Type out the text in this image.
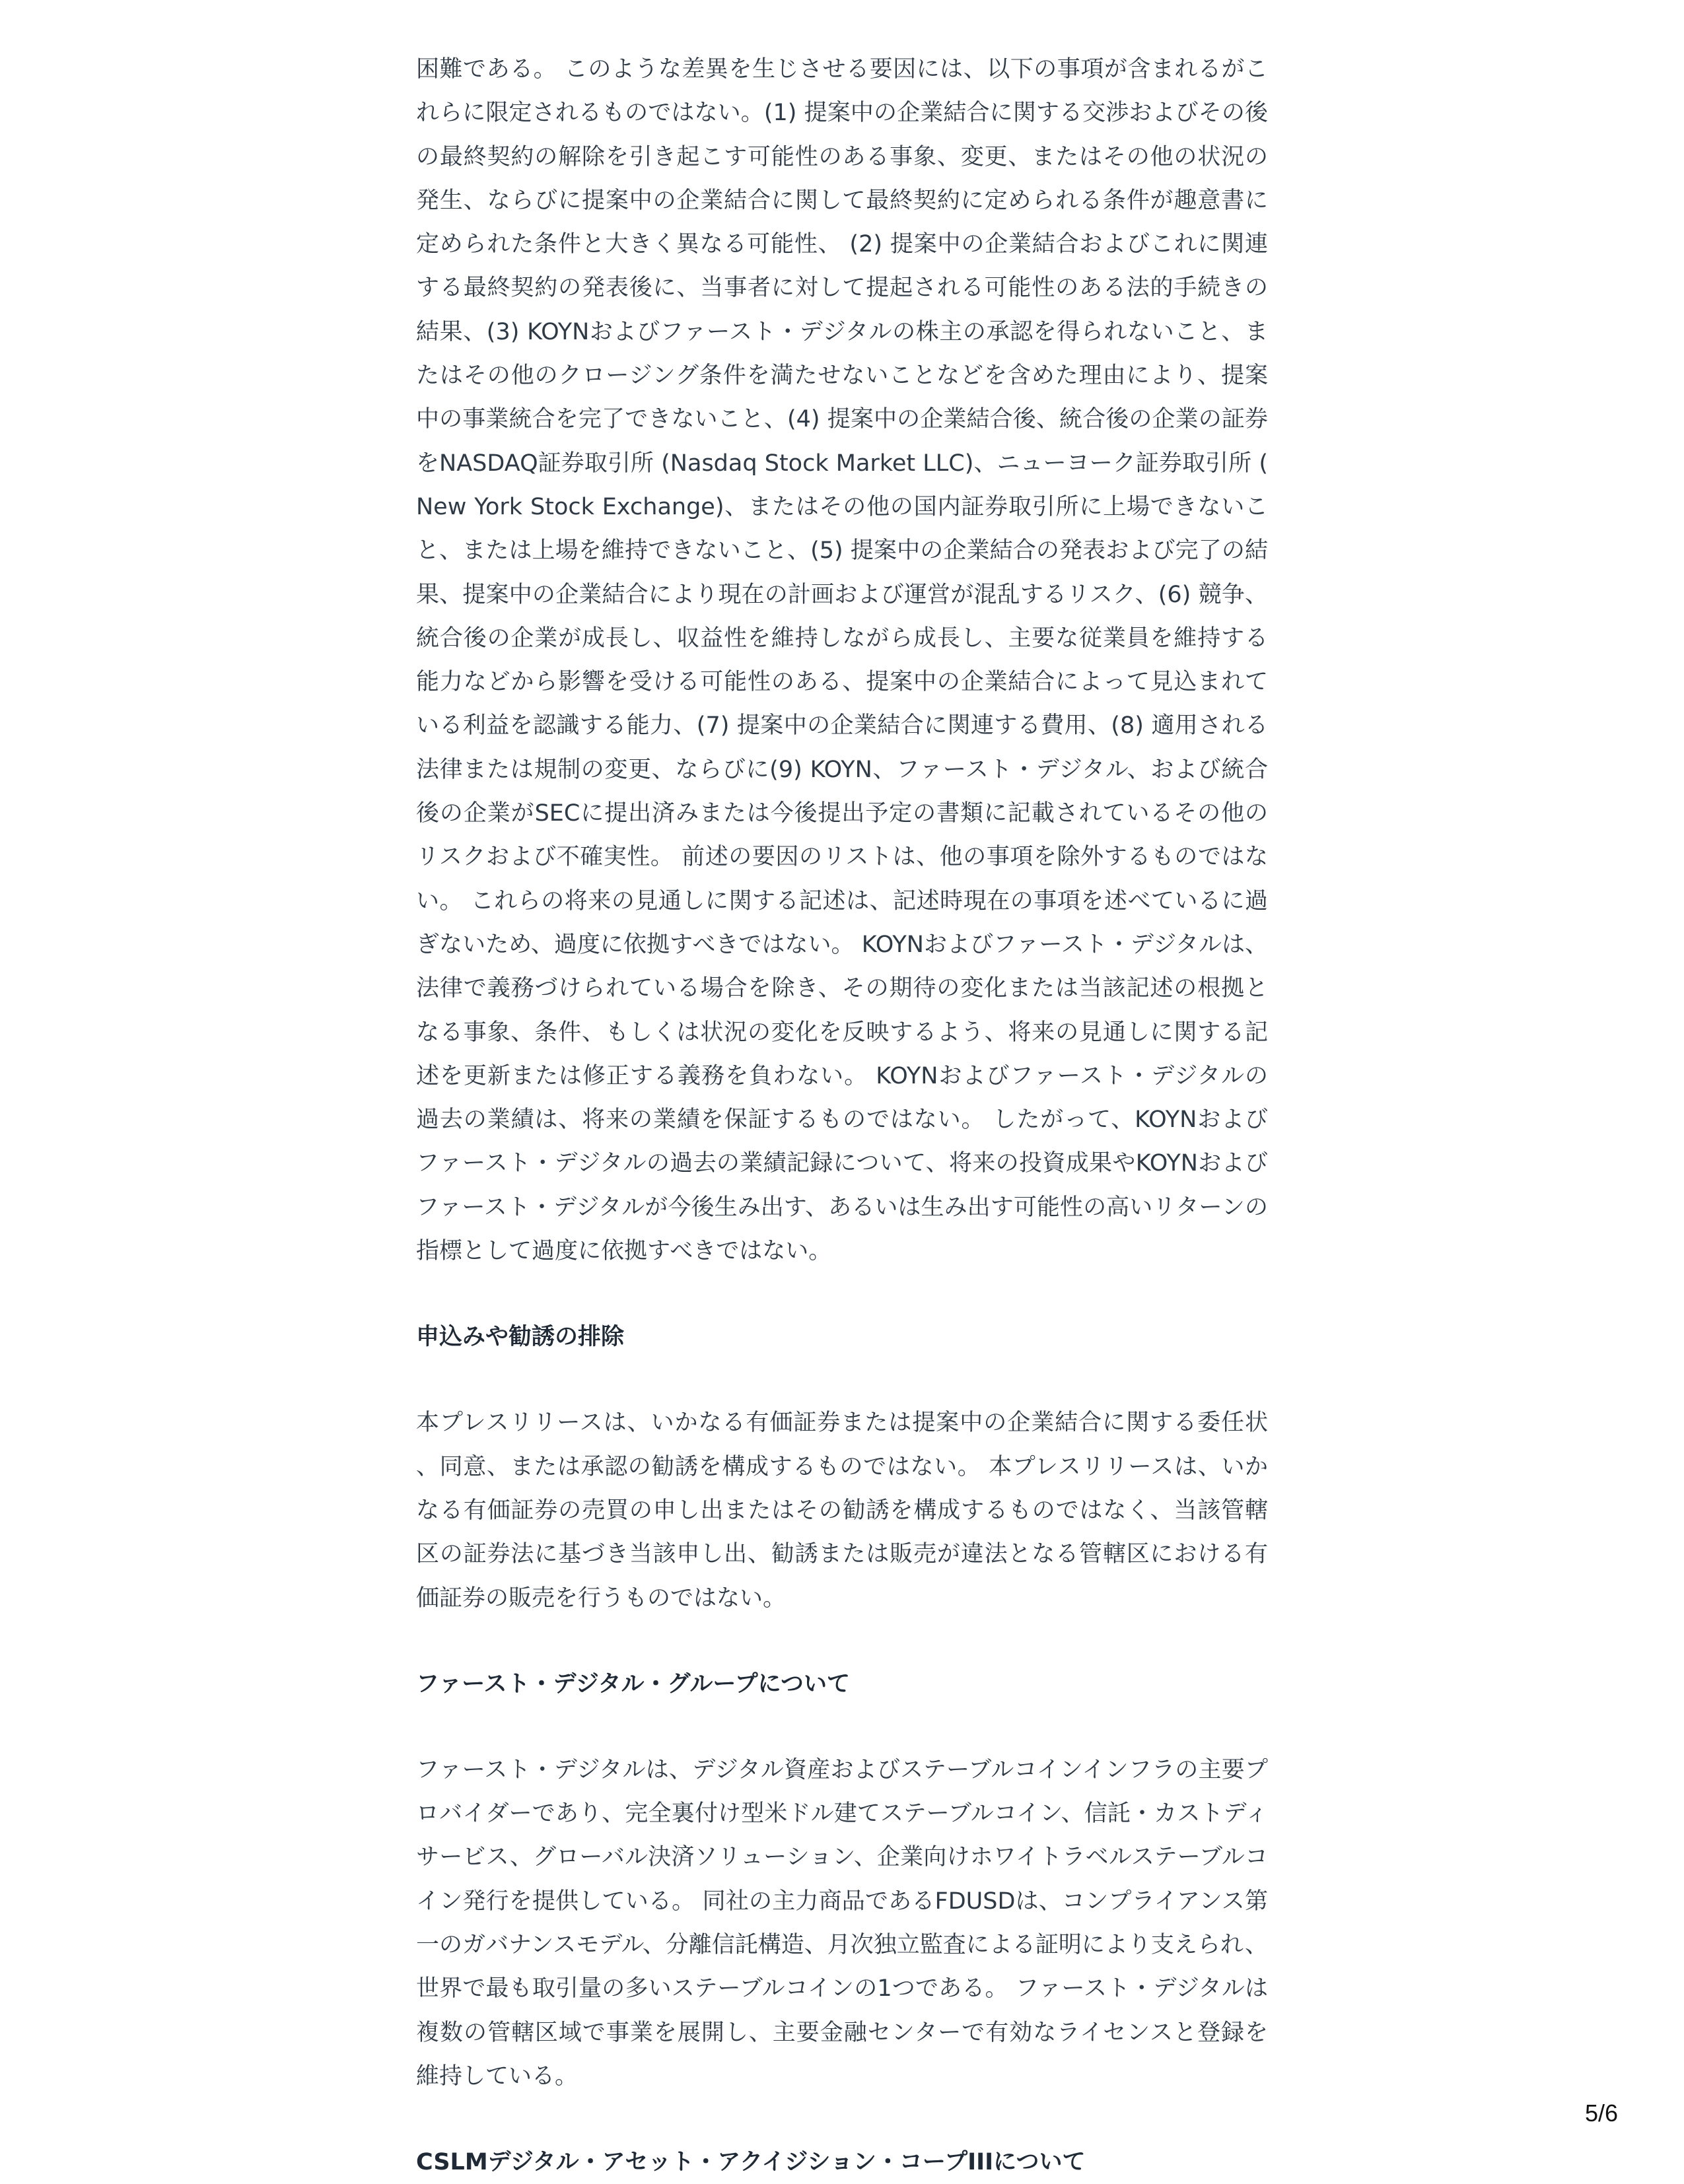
困難である。 このような差異を生じさせる要因には、以下の事項が含まれるがこれらに限定されるものではない。(1) 提案中の企業結合に関する交渉およびその後の最終契約の解除を引き起こす可能性のある事象、変更、またはその他の状況の発生、ならびに提案中の企業結合に関して最終契約に定められる条件が趣意書に定められた条件と大きく異なる可能性、 (2) 提案中の企業結合およびこれに関連する最終契約の発表後に、当事者に対して提起される可能性のある法的手続きの結果、(3) KOYNおよびファースト・デジタルの株主の承認を得られないこと、またはその他のクロージング条件を満たせないことなどを含めた理由により、提案中の事業統合を完了できないこと、(4) 提案中の企業結合後、統合後の企業の証券をNASDAQ証券取引所 (Nasdaq Stock Market LLC)、ニューヨーク証券取引所 (New York Stock Exchange)、またはその他の国内証券取引所に上場できないこと、または上場を維持できないこと、(5) 提案中の企業結合の発表および完了の結果、提案中の企業結合により現在の計画および運営が混乱するリスク、(6) 競争、統合後の企業が成長し、収益性を維持しながら成長し、主要な従業員を維持する能力などから影響を受ける可能性のある、提案中の企業結合によって見込まれている利益を認識する能力、(7) 提案中の企業結合に関連する費用、(8) 適用される法律または規制の変更、ならびに(9) KOYN、ファースト・デジタル、および統合後の企業がSECに提出済みまたは今後提出予定の書類に記載されているその他のリスクおよび不確実性。 前述の要因のリストは、他の事項を除外するものではない。 これらの将来の見通しに関する記述は、記述時現在の事項を述べているに過ぎないため、過度に依拠すべきではない。 KOYNおよびファースト・デジタルは、法律で義務づけられている場合を除き、その期待の変化または当該記述の根拠となる事象、条件、もしくは状況の変化を反映するよう、将来の見通しに関する記述を更新または修正する義務を負わない。 KOYNおよびファースト・デジタルの過去の業績は、将来の業績を保証するものではない。 したがって、KOYNおよびファースト・デジタルの過去の業績記録について、将来の投資成果やKOYNおよびファースト・デジタルが今後生み出す、あるいは生み出す可能性の高いリターンの指標として過度に依拠すべきではない。

申込みや勧誘の排除

本プレスリリースは、いかなる有価証券または提案中の企業結合に関する委任状、同意、または承認の勧誘を構成するものではない。 本プレスリリースは、いかなる有価証券の売買の申し出またはその勧誘を構成するものではなく、当該管轄区の証券法に基づき当該申し出、勧誘または販売が違法となる管轄区における有価証券の販売を行うものではない。

ファースト・デジタル・グループについて

ファースト・デジタルは、デジタル資産およびステーブルコインインフラの主要プロバイダーであり、完全裏付け型米ドル建てステーブルコイン、信託・カストディサービス、グローバル決済ソリューション、企業向けホワイトラベルステーブルコイン発行を提供している。 同社の主力商品であるFDUSDは、コンプライアンス第一のガバナンスモデル、分離信託構造、月次独立監査による証明により支えられ、世界で最も取引量の多いステーブルコインの1つである。 ファースト・デジタルは複数の管轄区域で事業を展開し、主要金融センターで有効なライセンスと登録を維持している。

CSLMデジタル・アセット・アクイジション・コープIIIについて
5/6
